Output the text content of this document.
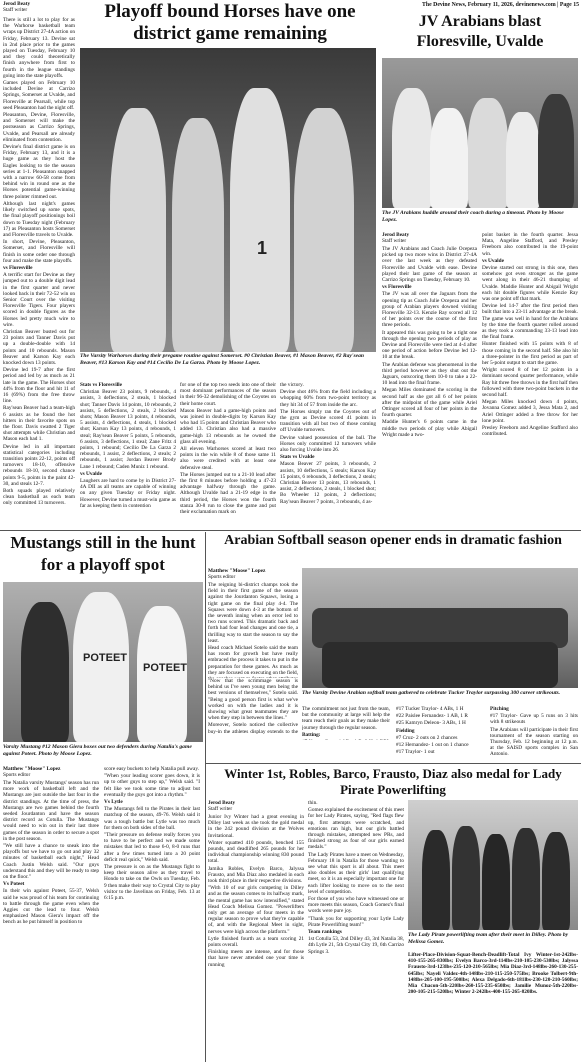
Jerod Beaty
Staff writer	Playoff bound Horses have one district game remaining
The Devine News, February 11, 2026, devinenews.com | Page 15

There is still a lot to play for as the Warhorse basketball team wraps up District 27-4A action on Friday, February 13. Devine sat in 2nd place prior to the games played on Tuesday, February 10 and they could theoretically finish anywhere from first to fourth in the league standings going into the state playoffs.

Games played on February 10 included Devine at Carrizo Springs, Somerset at Uvalde, and Floresville at Pearsall, while top seed Pleasanton had the night off.

Pleasanton, Devine, Floresville, and Somerset will make the postseason as Carrizo Springs, Uvalde, and Pearsall are already eliminated from contention.

Devine's final district game is on Friday, February 13, and it is a huge game as they host the Eagles looking to tie the season series at 1-1. Pleasanton snapped with a narrow 60-58 come from behind win in round one as the Horses potential game-winning three pointer rimmed out.

Although last night's games likely switched up some spots, the final playoff positionings boil down to Tuesday night (February 17) as Pleasanton hosts Somerset and Floresville travels to Uvalde.

In short, Devine, Pleasanton, Somerset, and Floresville will finish in some order one through four and make the state playoffs.

vs Floresville

A terrific start for Devine as they jumped out to a double digit lead in the first quarter and never looked back in their 72-52 win on Senior Court over the visiting Floresville Tigers. Four players scored in double figures as the Horses led pretty much wire to wire.

Christian Beaver busted out for 23 points and Tanner Davis put up a double-double with 14 points and 10 rebounds. Mason Beaver and Karson Kay each knocked down 13 points.

Devine led 19-7 after the first period and led by as much as 21 late in the game. The Horses shot 44% from the floor and hit 11 of 16 (69%) from the free throw line.

Ray'sean Beaver had a team-high 6 assists as he found the hot hitters in their favorite spots on the floor. Davis swatted 2 Tiger shot attempts while Christian and Mason each had 1.

Devine led in all important statistical categories including transition points 22-12, points off turnovers 18-10, offensive rebounds 18-10, second chance points 9-5, points in the paint 42-30, and steals 12-7.

Both squads played relatively clean basketball as each team only committed 13 turnovers.

1
The Varsity Warhorses during their pregame routine against Somerset. #0 Christian Beaver, #1 Mason Beaver, #2 Ray'sean Beaver, #13 Karson Kay and #14 Cecilio De La Garza. Photo by Moose Lopez.

Stats vs Floresville

Christian Beaver 23 points, 9 rebounds, 4 assists, 3 deflections, 2 steals, 1 blocked shot; Tanner Davis 14 points, 10 rebounds, 2 assists, 5 deflections, 2 steals, 2 blocked shots; Mason Beaver 13 points, 4 rebounds, 5 assists, 4 deflections, 4 steals, 1 blocked shot; Karson Kay 13 points, 4 rebounds, 1 steal; Ray'sean Beaver 5 points, 5 rebounds, 6 assists, 3 deflections, 1 steal; Zane Fritz 4 points, 1 rebound; Cecilio De La Garza 2 rebounds, 1 assist, 2 deflections, 2 steals; 2 rebounds, 1 assist; Jordan Beaver Brody Lane 1 rebound; Caden Muniz 1 rebound.

vs Uvalde

Laughers are hard to come by in District 27-4A DII as all teams are capable of winning on any given Tuesday or Friday night. However, Devine turned a must-win game as far as keeping them in contention

for one of the top two seeds into one of their most dominant performances of the season in their 96-32 demolishing of the Coyotes on their home court.

Mason Beaver had a game-high points and was joined in double-digits by Karson Kay who had 15 points and Christian Beaver who added 13. Christian also had a massive game-high 13 rebounds as he owned the glass all evening.

All eleven Warhorses scored at least two points in the win while 8 of those same 11 also were credited with at least one defensive steal.

The Horses jumped out to a 21-10 lead after the first 8 minutes before holding a 47-23 advantage halfway through the game. Although Uvalde had a 21-19 edge in the third period, the Horses won the fourth stanza 30-8 run to close the game and put their exclamation mark on

the victory.

Devine shot 46% from the field including a whopping 60% from two-point territory as they hit 34 of 57 from inside the arc.

The Horses simply ran the Coyotes out of the gym as Devine scored 41 points in transition with all but two of those coming off Uvalde turnovers.

Devine valued possession of the ball. The Horses only committed 12 turnovers while also forcing Uvalde into 26.

Stats vs Uvalde

Mason Beaver 27 points, 3 rebounds, 2 assists, 10 deflections, 5 steals; Karson Kay 15 points, 6 rebounds, 3 deflections, 2 steals; Christian Beaver 13 points, 13 rebounds, 1 assist, 2 deflections, 2 steals, 1 blocked shot; Bo Wheeler 12 points, 2 deflections; Ray'sean Beaver 7 points, 3 rebounds, 4 as-

JV Arabians blast Floresville, Uvalde
The JV Arabians huddle around their coach during a timeout. Photo by Moose Lopez.
Jerod Beaty
Staff writer

The JV Arabians and Coach Julie Ocepeza picked up two more wins in District 27-4A over the last week as they defeated Floresville and Uvalde with ease. Devine played their last game of the season at Carrizo Springs on Tuesday, February 10.

vs Floresville

The JV was all over the Jaguars from the opening tip as Coach Julie Ocepeza and her group of Arabian players downed visiting Floresville 32-13. Kenzie Ray scored all 12 of her points over the course of the first three periods.

It appeared this was going to be a tight one through the opening two periods of play as Devine and Floresville were tied at 4-4 after one period of action before Devine led 12-10 at the break.

The Arabian defense was phenomenal in the third period however as they shut out the Jaguars, outscoring them 10-0 to take a 22-10 lead into the final frame.

Megan Miles dominated the scoring in the second half as she got all 6 of her points after the midpoint of the game while Ariel Ottinger scored all four of her points in the fourth quarter.

Maddie Hunter's 6 points came in the middle two periods of play while Abigail Wright made a two-

point basket in the fourth quarter. Jessa Mata, Angeline Stafford, and Presley Freeborn also contributed in the 19-point win.

vs Uvalde

Devine started out strong in this one, then somehow got even stronger as the game went along in their 46-21 thumping of Uvalde. Maddie Hunter and Abigail Wright each hit double figures while Kenzie Ray was one point off that mark.

Devine led 14-7 after the first period then built that into a 23-11 advantage at the break. The game was well in hand for the Arabians by the time the fourth quarter rolled around as they took a commanding 33-13 lead into the final frame.

Hunter finished with 15 points with 8 of those coming in the second half. She also hit a three-pointer in the first period as part of her 5-point output to start the game.

Wright scored 8 of her 12 points in a dominant second quarter performance, while Ray hit three free throws in the first half then followed with three two-point buckets in the second half.

Megan Miles knocked down 4 points, Jovanna Gomez added 3, Jessa Mata 2, and Ariel Ottinger added a free throw for her lone point.

Presley Freeborn and Angeline Stafford also contributed.

Mustangs still in the hunt for a playoff spot
POTEET
POTEET
Varsity Mustang #12 Mason Giera boxes out two defenders during Natalia's game against Poteet. Photo by Moose Lopez.
Matthew "Moose" Lopez
Sports editor

The Natalia varsity Mustangs' season has run more work of basketball left and the Mustangs are just outside the last four in the district standings. At the time of press, the Mustangs are two games behind the fourth seeded Jourdanton and have the season district record as Cotulla. The Mustangs would need to win out in their last three games of the season in order to secure a spot in the post season.

"We still have a chance to sneak into the playoffs but we have to go out and play 32 minutes of basketball each night," Head Coach Justin Welsh said. "Our guys understand this and they will be ready to step on the floor."

Vs Poteet

In their win against Poteet, 55-37, Welsh said he was proud of his team for continuing to battle through the game even when the Aggies cut the lead to four. Welsh emphasized Mason Giera's impact off the bench as he put himself in position to

score easy buckets to help Natalia pull away.

"When your leading scorer goes down, it is up to other guys to step up," Welsh said. "I felt like we took some time to adjust but eventually the guys got into a rhythm."

Vs Lytle

The Mustangs fell to the Pirates in their last matchup of the season, 49-76. Welsh said it was a tough battle but Lytle was too much for them on both sides of the ball.

"Their pressure on defense really forces you to have to be perfect and we made some mistakes that led to those 6-0, 8-0 runs that after a few times turned into a 20 point deficit real quick," Welsh said.

The pressure is on as the Mustangs fight to keep their season alive as they travel to Hondo to take on the Owls on Tuesday, Feb. 9 then make their way to Crystal City to play visitor to the Javelinas on Friday, Feb. 13 at 6:15 p.m.

Arabian Softball season opener ends in dramatic fashion
Matthew "Moose" Lopez
Sports editor

The reigning bi-district champs took the field in their first game of the season against the Jourdanton Squaws, losing a tight game on the final play 4-4. The Squaws were down 4-3 at the bottom of the seventh inning when an error led to two runs scored. This dramatic back and forth had four lead changes and one tie, a thrilling way to start the season to say the least.

Head coach Michael Sotelo said the team has room for growth but have really embraced the process it takes to put in the preparation for these games. As much as they are focused on executing on the field,

"Now that the scrimmage season is behind us I've seen young men being the best versions of themselves," Sotelo said. "Being a good person first is what we've worked on with the ladies and it is showing what great teammates they are when they step in between the lines."

Moreover, Sotelo noticed the collective buy-in the athletes display extends to the

The Varsity Devine Arabian softball team gathered to celebrate Tucker Traylor surpassing 300 career strikeouts.

The commitment not just from the team, but the community at large will help the team reach their goals as they make their journey through the regular season.

Batting:

#17 Tucker Traylor- 4 ABs, 1 H

#22 Paislee Fernandez- 1 AB, 1 R

#25 Kamryn Deleon- 3 ABs, 1 H

Fielding

#7 Cruz- 2 outs on 2 chances

#12 Hernandez- 1 out on 1 chance

#17 Traylor- 1 out

Pitching

#17 Traylor- Gave up 5 runs on 3 hits with 8 strikeouts

The Arabians will participate in their first tournament of the season starting on Thursday, Feb. 12 beginning at 12 p.m. at the SAISD sports complex in San Antonio.

Winter 1st, Robles, Barco, Frausto, Diaz also medal for Lady Pirate Powerlifting
Jerod Beaty
Staff writer

Junior Ivy Winter had a great evening in Dilley last week as she took the gold medal in the 242 pound division at the Wolves Invitational.

Winter squatted 410 pounds, benched 155 pounds, and deadlifted 265 pounds for her individual championship winning 830 pound total.

Jamika Robles, Evelyn Barco, Jalyssa Frausto, and Mia Diaz also medaled in each took third place in their respective divisions.

"With 10 of our girls competing in Dilley and as the season comes to its halfway mark, the mental game has now intensified," stated Head Coach Melissa Gomez. "Powerlifters only get an average of four meets in the regular season to prove what they're capable of, and with the Regional Meet in sight, nerves were high across the platform."

Lytle finished fourth as a team scoring 21 points overall.

Finishing meets are intense, and for those that have never attended one your time is running

thin.

Gomez explained the excitement of this meet for her Lady Pirates, saying, "Red flags flew up, first attempts were scratched, and emotions ran high, but our girls battled through mistakes, attempted new PRs, and finished strong as four of our girls earned medals."

The Lady Pirates have a meet on Wednesday, February 18 in Natalia for those wanting to see what this sport is all about. This meet also doubles as their girls' last qualifying meet, so it is an especially important one for each lifter looking to move on to the next level of competition.

For those of you who have witnessed one or more meets this season, Coach Gomez's final words were pure joy.

"Thank you for supporting your Lytle Lady Pirate Powerlifting team!"

Team rankings

1st Cotulla 53, 2nd Dilley 43, 3rd Natalia 38, 4th Lytle 21, 5th Crystal City 19, 6th Carrizo Springs 3.

The Lady Pirate powerlifting team after their meet in Dilley. Photo by Melissa Gomez.
Lifter-Place-Division-Squat-Bench-Deadlift-Total Ivy Winter-1st-242lbs-410-155-265-830lbs; Evelyn Barco-3rd-114lbs-210-105-230-530lbs; Jalyssa Frausto-3rd-123lbs-235-120-210-565lbs; Mia Diaz-3rd-148lbs-260-130-255-645lbs; Nayeli Valdez-4th-148lbs-210-115-250-575lbs; Brooke Tolbert-9th-148lbs-205-100-195-500lbs; Alexa Delgado-6th-181lbs-230-120-210-560lbs; Mia Chacon-5th-220lbs-260-155-235-650lbs; Jamilie Munoz-5th-220lbs-200-105-215-520lbs; Winter 2-242lbs-400-155-265-820lbs.
